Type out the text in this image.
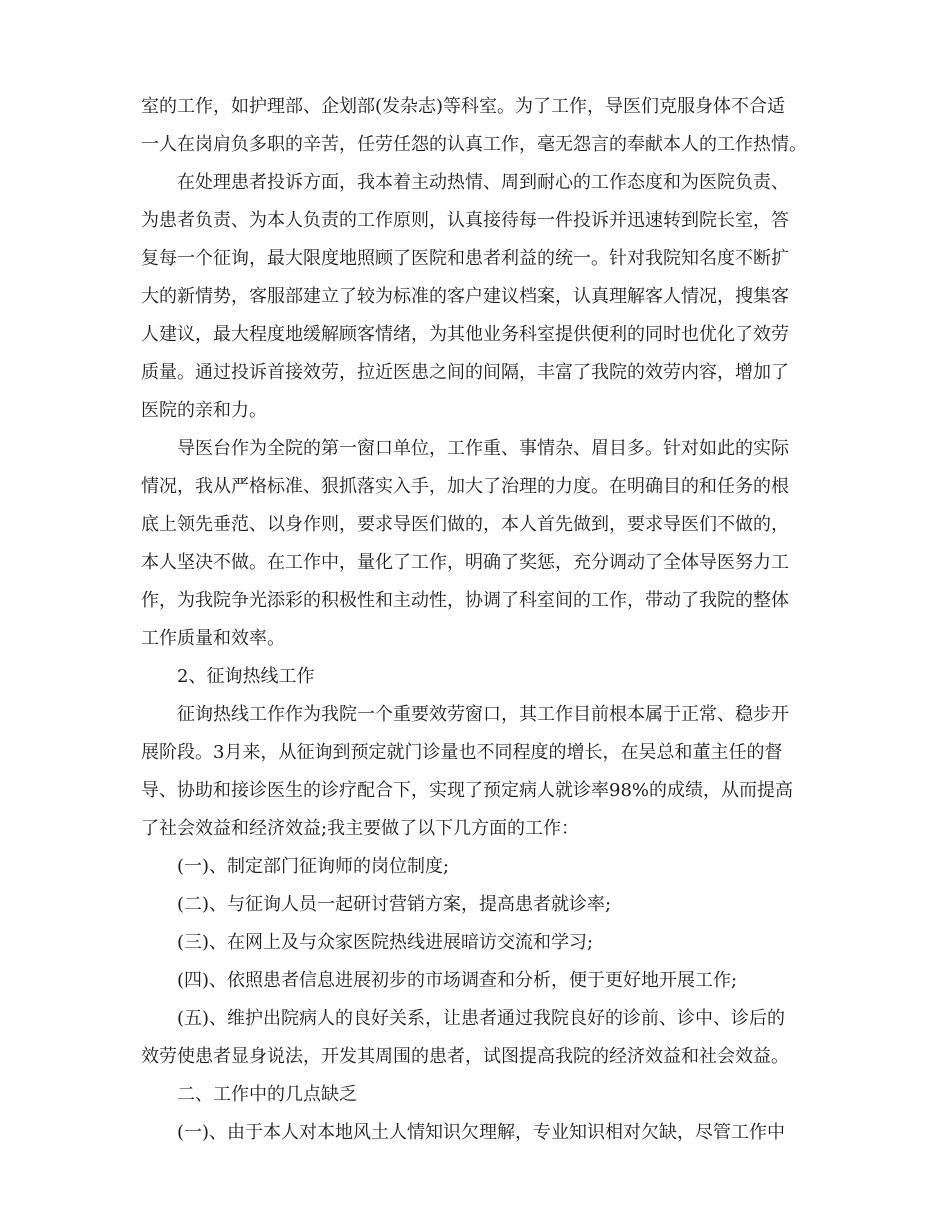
室的工作，如护理部、企划部(发杂志)等科室。为了工作，导医们克服身体不合适
一人在岗肩负多职的辛苦，任劳任怨的认真工作，毫无怨言的奉献本人的工作热情。
在处理患者投诉方面，我本着主动热情、周到耐心的工作态度和为医院负责、
为患者负责、为本人负责的工作原则，认真接待每一件投诉并迅速转到院长室，答
复每一个征询，最大限度地照顾了医院和患者利益的统一。针对我院知名度不断扩
大的新情势，客服部建立了较为标准的客户建议档案，认真理解客人情况，搜集客
人建议，最大程度地缓解顾客情绪，为其他业务科室提供便利的同时也优化了效劳
质量。通过投诉首接效劳，拉近医患之间的间隔，丰富了我院的效劳内容，增加了
医院的亲和力。
导医台作为全院的第一窗口单位，工作重、事情杂、眉目多。针对如此的实际
情况，我从严格标准、狠抓落实入手，加大了治理的力度。在明确目的和任务的根
底上领先垂范、以身作则，要求导医们做的，本人首先做到，要求导医们不做的，
本人坚决不做。在工作中，量化了工作，明确了奖惩，充分调动了全体导医努力工
作，为我院争光添彩的积极性和主动性，协调了科室间的工作，带动了我院的整体
工作质量和效率。
2、征询热线工作
征询热线工作作为我院一个重要效劳窗口，其工作目前根本属于正常、稳步开
展阶段。3月来，从征询到预定就门诊量也不同程度的增长，在吴总和董主任的督
导、协助和接诊医生的诊疗配合下，实现了预定病人就诊率98%的成绩，从而提高
了社会效益和经济效益;我主要做了以下几方面的工作：
(一)、制定部门征询师的岗位制度;
(二)、与征询人员一起研讨营销方案，提高患者就诊率;
(三)、在网上及与众家医院热线进展暗访交流和学习;
(四)、依照患者信息进展初步的市场调查和分析，便于更好地开展工作;
(五)、维护出院病人的良好关系，让患者通过我院良好的诊前、诊中、诊后的
效劳使患者显身说法，开发其周围的患者，试图提高我院的经济效益和社会效益。
二、工作中的几点缺乏
(一)、由于本人对本地风土人情知识欠理解，专业知识相对欠缺，尽管工作中
